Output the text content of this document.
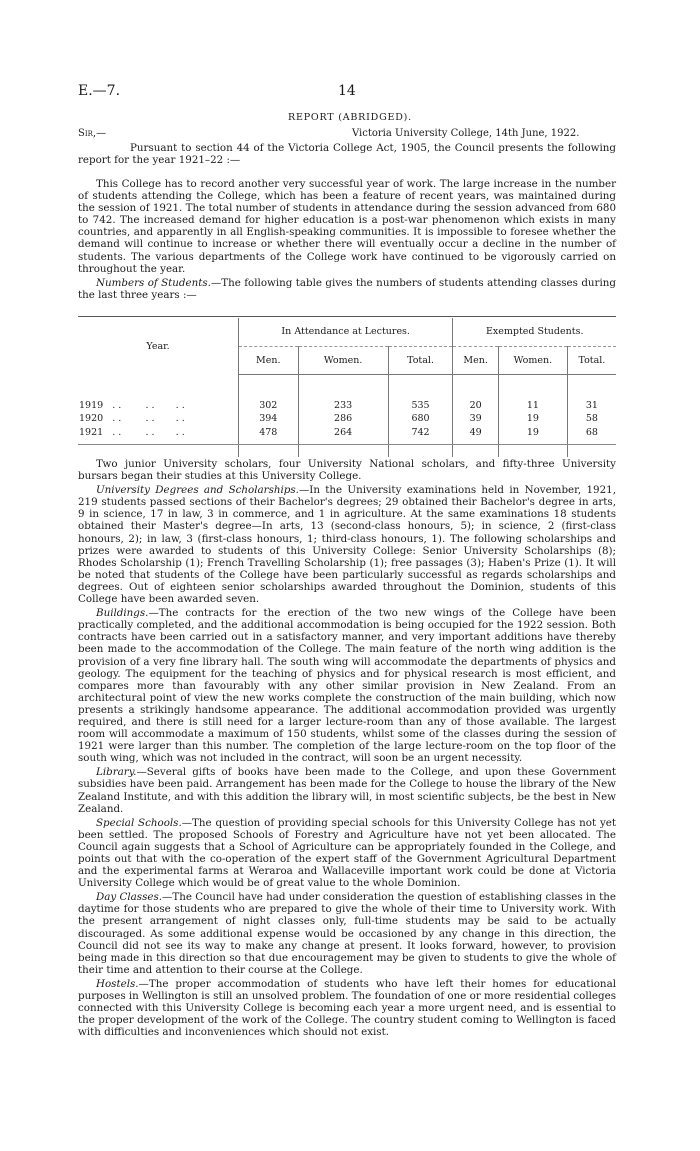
E.—7.	14
REPORT (ABRIDGED).
Sir,—	Victoria University College, 14th June, 1922.

Pursuant to section 44 of the Victoria College Act, 1905, the Council presents the following report for the year 1921–22 :—

This College has to record another very successful year of work. The large increase in the number of students attending the College, which has been a feature of recent years, was maintained during the session of 1921. The total number of students in attendance during the session advanced from 680 to 742. The increased demand for higher education is a post-war phenomenon which exists in many countries, and apparently in all English-speaking communities. It is impossible to foresee whether the demand will continue to increase or whether there will eventually occur a decline in the number of students. The various departments of the College work have continued to be vigorously carried on throughout the year.

Numbers of Students.—The following table gives the numbers of students attending classes during the last three years :—

Year.	In Attendance at Lectures.			Exempted Students.		
	Men.	Women.	Total.	Men.	Women.	Total.

1919   . .        . .       . .	302	233	535	20	11	31
1920   . .        . .       . .	394	286	680	39	19	58
1921   . .        . .       . .	478	264	742	49	19	68

Two junior University scholars, four University National scholars, and fifty-three University bursars began their studies at this University College.

University Degrees and Scholarships.—In the University examinations held in November, 1921, 219 students passed sections of their Bachelor's degrees; 29 obtained their Bachelor's degree in arts, 9 in science, 17 in law, 3 in commerce, and 1 in agriculture. At the same examinations 18 students obtained their Master's degree—In arts, 13 (second-class honours, 5); in science, 2 (first-class honours, 2); in law, 3 (first-class honours, 1; third-class honours, 1). The following scholarships and prizes were awarded to students of this University College: Senior University Scholarships (8); Rhodes Scholarship (1); French Travelling Scholarship (1); free passages (3); Haben's Prize (1). It will be noted that students of the College have been particularly successful as regards scholarships and degrees. Out of eighteen senior scholarships awarded throughout the Dominion, students of this College have been awarded seven.

Buildings.—The contracts for the erection of the two new wings of the College have been practically completed, and the additional accommodation is being occupied for the 1922 session. Both contracts have been carried out in a satisfactory manner, and very important additions have thereby been made to the accommodation of the College. The main feature of the north wing addition is the provision of a very fine library hall. The south wing will accommodate the departments of physics and geology. The equipment for the teaching of physics and for physical research is most efficient, and compares more than favourably with any other similar provision in New Zealand. From an architectural point of view the new works complete the construction of the main building, which now presents a strikingly handsome appearance. The additional accommodation provided was urgently required, and there is still need for a larger lecture-room than any of those available. The largest room will accommodate a maximum of 150 students, whilst some of the classes during the session of 1921 were larger than this number. The completion of the large lecture-room on the top floor of the south wing, which was not included in the contract, will soon be an urgent necessity.

Library.—Several gifts of books have been made to the College, and upon these Government subsidies have been paid. Arrangement has been made for the College to house the library of the New Zealand Institute, and with this addition the library will, in most scientific subjects, be the best in New Zealand.

Special Schools.—The question of providing special schools for this University College has not yet been settled. The proposed Schools of Forestry and Agriculture have not yet been allocated. The Council again suggests that a School of Agriculture can be appropriately founded in the College, and points out that with the co-operation of the expert staff of the Government Agricultural Department and the experimental farms at Weraroa and Wallaceville important work could be done at Victoria University College which would be of great value to the whole Dominion.

Day Classes.—The Council have had under consideration the question of establishing classes in the daytime for those students who are prepared to give the whole of their time to University work. With the present arrangement of night classes only, full-time students may be said to be actually discouraged. As some additional expense would be occasioned by any change in this direction, the Council did not see its way to make any change at present. It looks forward, however, to provision being made in this direction so that due encouragement may be given to students to give the whole of their time and attention to their course at the College.

Hostels.—The proper accommodation of students who have left their homes for educational purposes in Wellington is still an unsolved problem. The foundation of one or more residential colleges connected with this University College is becoming each year a more urgent need, and is essential to the proper development of the work of the College. The country student coming to Wellington is faced with difficulties and inconveniences which should not exist.
